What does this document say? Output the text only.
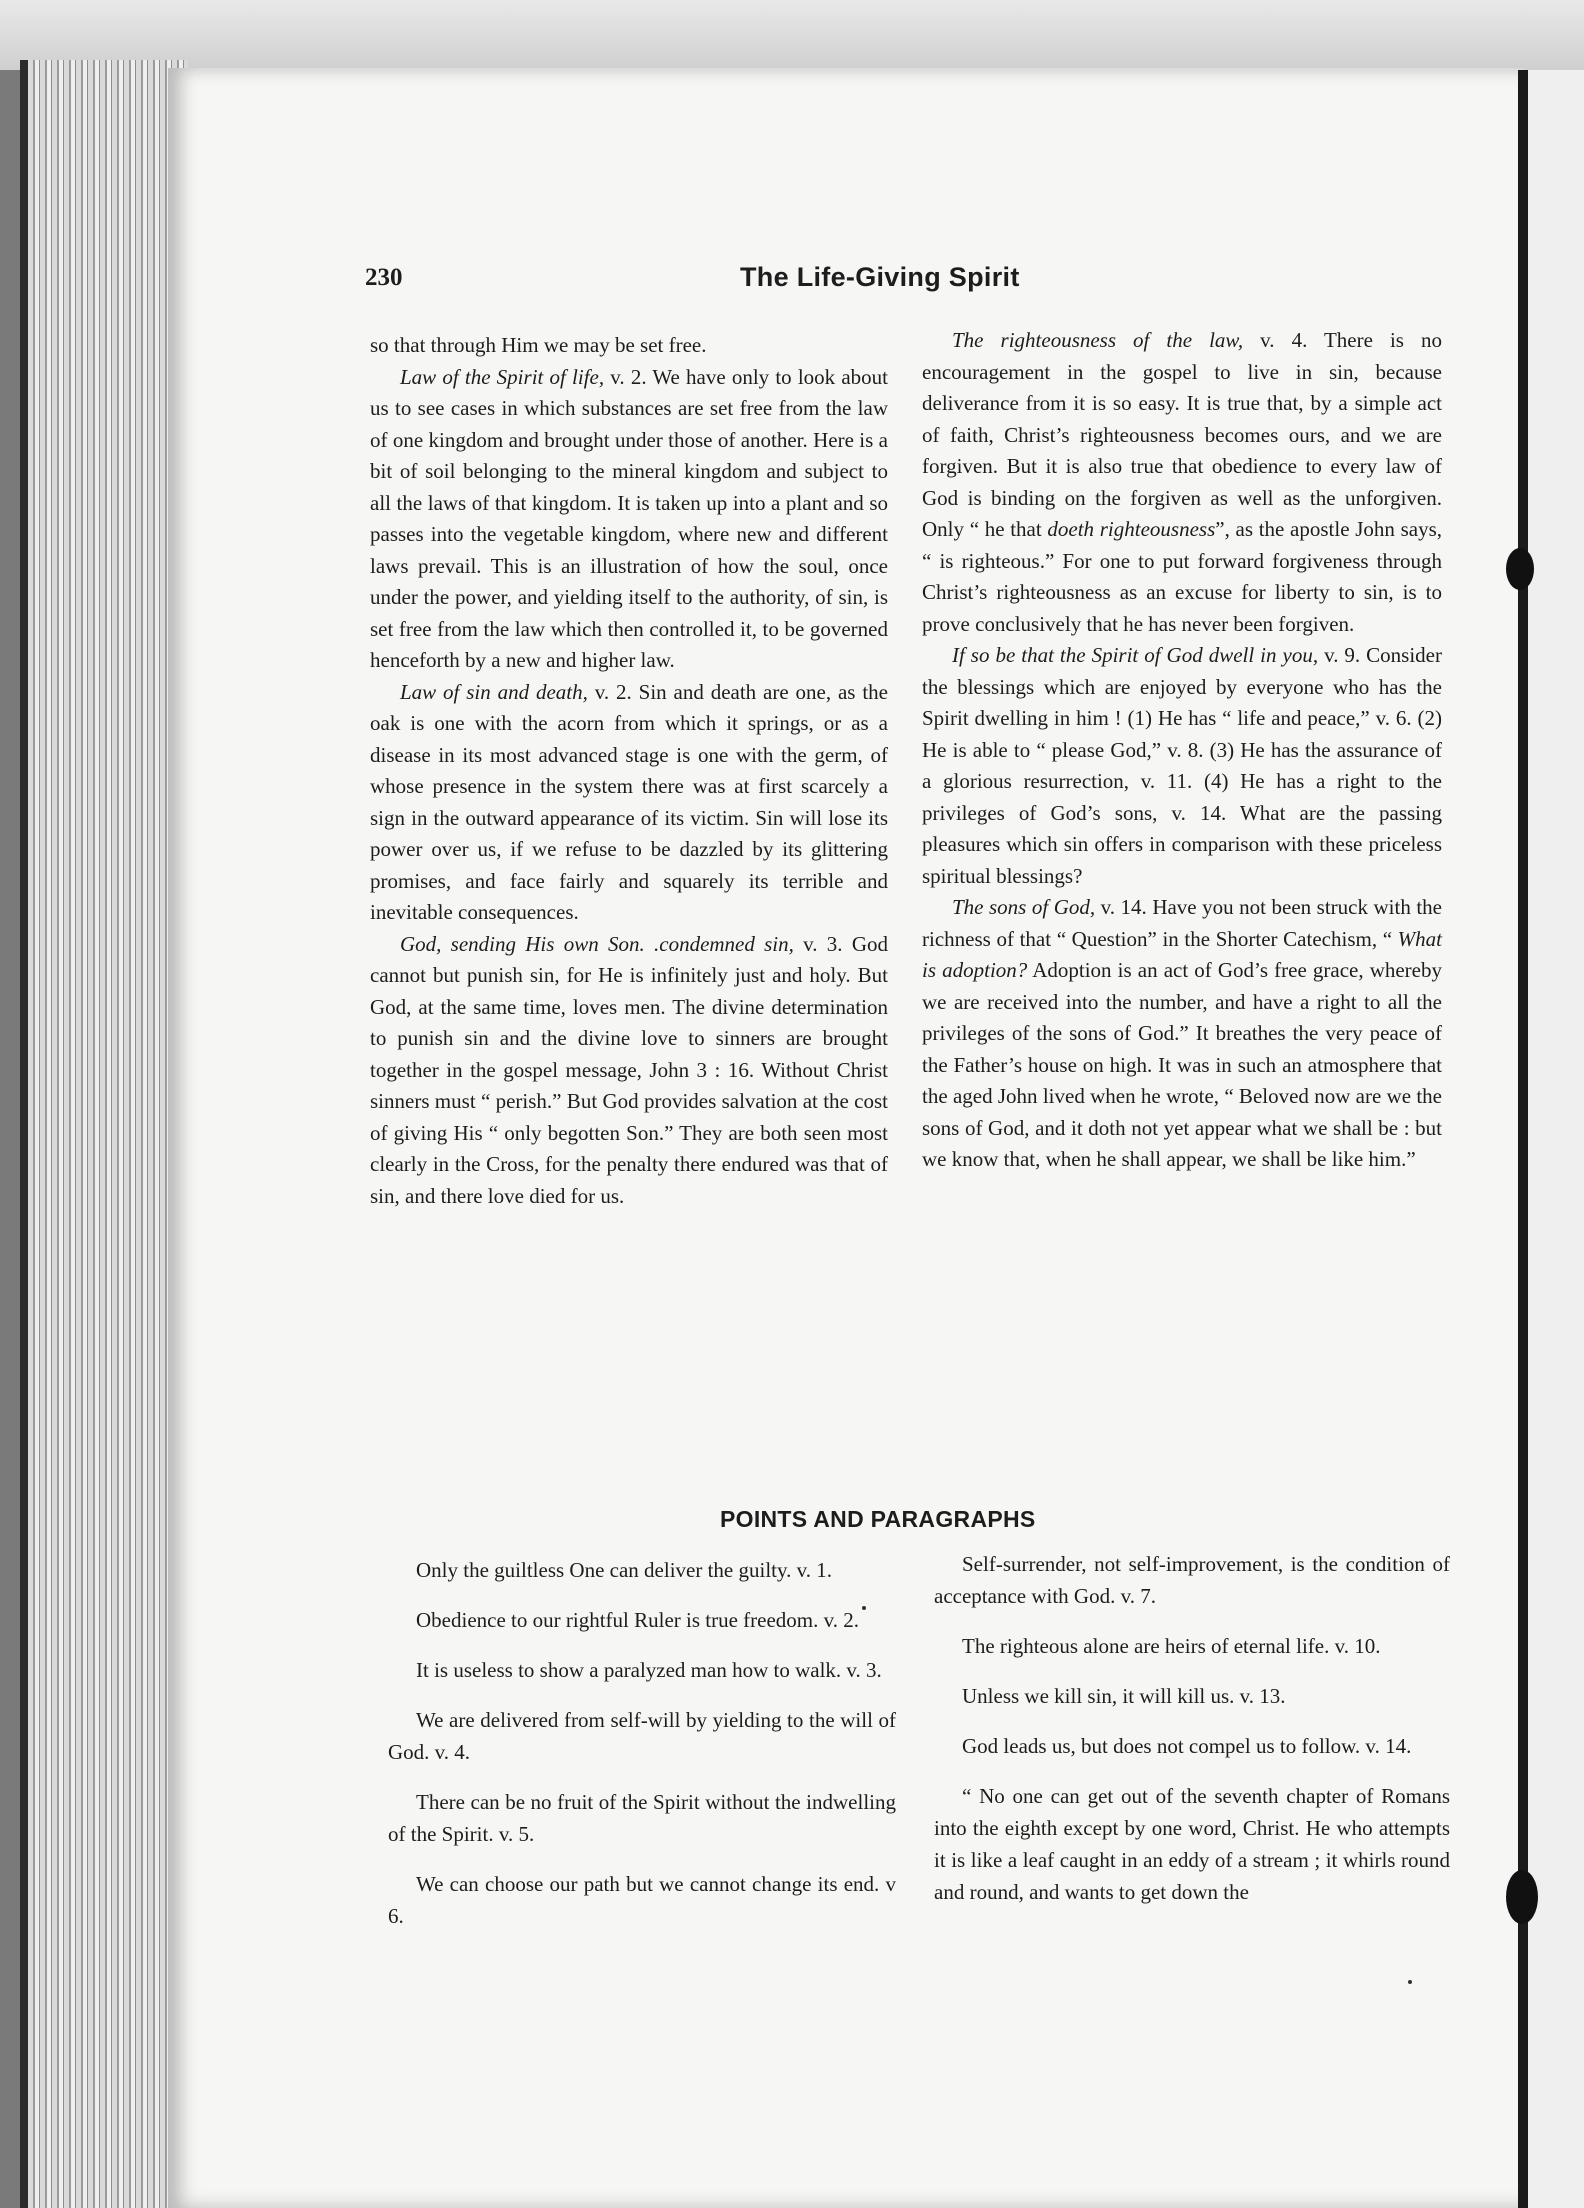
230	The Life-Giving Spirit

so that through Him we may be set free.

Law of the Spirit of life, v. 2. We have only to look about us to see cases in which substances are set free from the law of one kingdom and brought under those of another. Here is a bit of soil belonging to the mineral kingdom and subject to all the laws of that kingdom. It is taken up into a plant and so passes into the vegetable kingdom, where new and different laws prevail. This is an illustration of how the soul, once under the power, and yielding itself to the authority, of sin, is set free from the law which then controlled it, to be governed henceforth by a new and higher law.

Law of sin and death, v. 2. Sin and death are one, as the oak is one with the acorn from which it springs, or as a disease in its most advanced stage is one with the germ, of whose presence in the system there was at first scarcely a sign in the outward appearance of its victim. Sin will lose its power over us, if we refuse to be dazzled by its glittering promises, and face fairly and squarely its terrible and inevitable consequences.

God, sending His own Son. .condemned sin, v. 3. God cannot but punish sin, for He is infinitely just and holy. But God, at the same time, loves men. The divine determination to punish sin and the divine love to sinners are brought together in the gospel message, John 3 : 16. Without Christ sinners must “ perish.” But God provides salvation at the cost of giving His “ only begotten Son.” They are both seen most clearly in the Cross, for the penalty there endured was that of sin, and there love died for us.

The righteousness of the law, v. 4. There is no encouragement in the gospel to live in sin, because deliverance from it is so easy. It is true that, by a simple act of faith, Christ’s righteousness becomes ours, and we are forgiven. But it is also true that obedience to every law of God is binding on the forgiven as well as the unforgiven. Only “ he that doeth righteousness”, as the apostle John says, “ is righteous.” For one to put forward forgiveness through Christ’s righteousness as an excuse for liberty to sin, is to prove conclusively that he has never been forgiven.

If so be that the Spirit of God dwell in you, v. 9. Consider the blessings which are enjoyed by everyone who has the Spirit dwelling in him ! (1) He has “ life and peace,” v. 6. (2) He is able to “ please God,” v. 8. (3) He has the assurance of a glorious resurrection, v. 11. (4) He has a right to the privileges of God’s sons, v. 14. What are the passing pleasures which sin offers in comparison with these priceless spiritual blessings?

The sons of God, v. 14. Have you not been struck with the richness of that “ Question” in the Shorter Catechism, “ What is adoption? Adoption is an act of God’s free grace, whereby we are received into the number, and have a right to all the privileges of the sons of God.” It breathes the very peace of the Father’s house on high. It was in such an atmosphere that the aged John lived when he wrote, “ Beloved now are we the sons of God, and it doth not yet appear what we shall be : but we know that, when he shall appear, we shall be like him.”

POINTS AND PARAGRAPHS

Only the guiltless One can deliver the guilty. v. 1.

Obedience to our rightful Ruler is true freedom. v. 2.

It is useless to show a paralyzed man how to walk. v. 3.

We are delivered from self-will by yielding to the will of God. v. 4.

There can be no fruit of the Spirit without the indwelling of the Spirit. v. 5.

We can choose our path but we cannot change its end. v 6.

Self-surrender, not self-improvement, is the condition of acceptance with God. v. 7.

The righteous alone are heirs of eternal life. v. 10.

Unless we kill sin, it will kill us. v. 13.

God leads us, but does not compel us to follow. v. 14.

“ No one can get out of the seventh chapter of Romans into the eighth except by one word, Christ. He who attempts it is like a leaf caught in an eddy of a stream ; it whirls round and round, and wants to get down the
